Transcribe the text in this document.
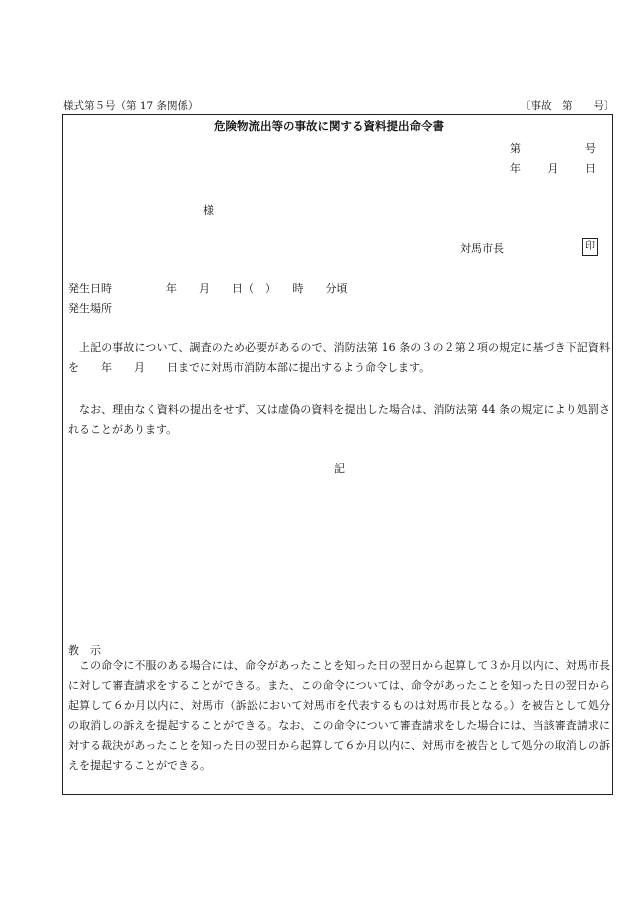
様式第５号（第 17 条関係）	〔事故　第　　号〕
危険物流出等の事故に関する資料提出命令書
第　　　号
年　　月　　日
様
対馬市長	印
発生日時	年　　月　　日（　）　　時　　分頃
発生場所
上記の事故について、調査のため必要があるので、消防法第 16 条の３の２第２項の規定に基づき下記資料を　　年　　月　　日までに対馬市消防本部に提出するよう命令します。
なお、理由なく資料の提出をせず、又は虚偽の資料を提出した場合は、消防法第 44 条の規定により処罰されることがあります。
記
教　示
この命令に不服のある場合には、命令があったことを知った日の翌日から起算して３か月以内に、対馬市長に対して審査請求をすることができる。また、この命令については、命令があったことを知った日の翌日から起算して６か月以内に、対馬市（訴訟において対馬市を代表するものは対馬市長となる。）を被告として処分の取消しの訴えを提起することができる。なお、この命令について審査請求をした場合には、当該審査請求に対する裁決があったことを知った日の翌日から起算して６か月以内に、対馬市を被告として処分の取消しの訴えを提起することができる。
